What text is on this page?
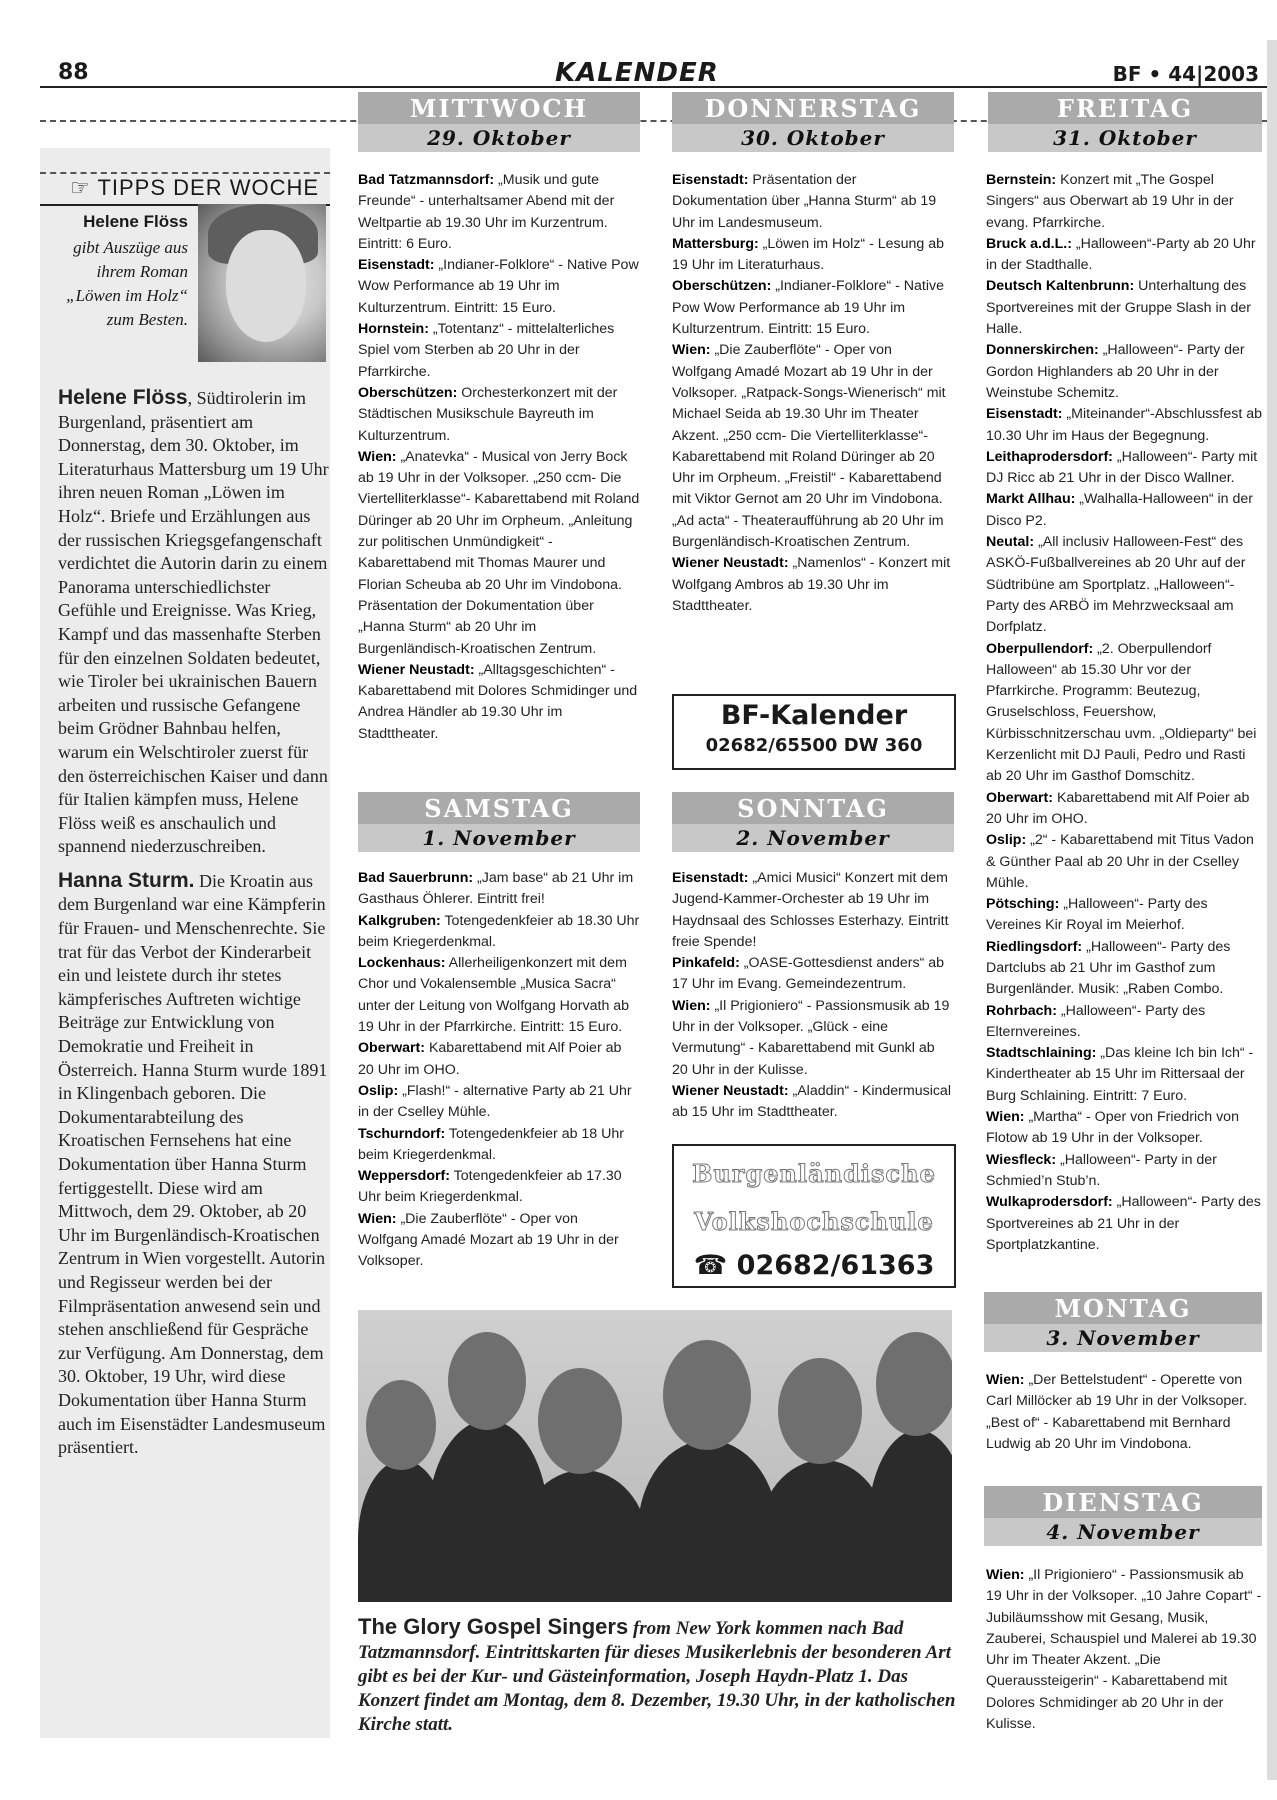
88	KALENDER	BF • 44|2003
☞ TIPPS DER WOCHE
Helene Flöss
gibt Auszüge aus ihrem Roman „Löwen im Holz“ zum Besten.

Helene Flöss, Südtirolerin im Burgenland, präsentiert am Donnerstag, dem 30. Oktober, im Literaturhaus Mattersburg um 19 Uhr ihren neuen Roman „Löwen im Holz“. Briefe und Erzählungen aus der russischen Kriegsgefangenschaft verdichtet die Autorin darin zu einem Panorama unterschiedlichster Gefühle und Ereignisse. Was Krieg, Kampf und das massenhafte Sterben für den einzelnen Soldaten bedeutet, wie Tiroler bei ukrainischen Bauern arbeiten und russische Gefangene beim Grödner Bahnbau helfen, warum ein Welschtiroler zuerst für den österreichischen Kaiser und dann für Italien kämpfen muss, Helene Flöss weiß es anschaulich und spannend niederzuschreiben.

Hanna Sturm. Die Kroatin aus dem Burgenland war eine Kämpferin für Frauen- und Menschenrechte. Sie trat für das Verbot der Kinderarbeit ein und leistete durch ihr stetes kämpferisches Auftreten wichtige Beiträge zur Entwicklung von Demokratie und Freiheit in Österreich. Hanna Sturm wurde 1891 in Klingenbach geboren. Die Dokumentarabteilung des Kroatischen Fernsehens hat eine Dokumentation über Hanna Sturm fertiggestellt. Diese wird am Mittwoch, dem 29. Oktober, ab 20 Uhr im Burgenländisch-Kroatischen Zentrum in Wien vorgestellt. Autorin und Regisseur werden bei der Filmpräsentation anwesend sein und stehen anschließend für Gespräche zur Verfügung. Am Donnerstag, dem 30. Oktober, 19 Uhr, wird diese Dokumentation über Hanna Sturm auch im Eisenstädter Landesmuseum präsentiert.

MITTWOCH
29. Oktober
DONNERSTAG
30. Oktober
FREITAG
31. Oktober
SAMSTAG
1. November
SONNTAG
2. November
MONTAG
3. November
DIENSTAG
4. November

Bad Tatzmannsdorf: „Musik und gute Freunde“ - unterhaltsamer Abend mit der Weltpartie ab 19.30 Uhr im Kurzentrum. Eintritt: 6 Euro.

Eisenstadt: „Indianer-Folklore“ - Native Pow Wow Performance ab 19 Uhr im Kulturzentrum. Eintritt: 15 Euro.

Hornstein: „Totentanz“ - mittelalterliches Spiel vom Sterben ab 20 Uhr in der Pfarrkirche.

Oberschützen: Orchesterkonzert mit der Städtischen Musikschule Bayreuth im Kulturzentrum.

Wien: „Anatevka“ - Musical von Jerry Bock ab 19 Uhr in der Volksoper. „250 ccm- Die Viertelliterklasse“- Kabarettabend mit Roland Düringer ab 20 Uhr im Orpheum. „Anleitung zur politischen Unmündigkeit“ - Kabarettabend mit Thomas Maurer und Florian Scheuba ab 20 Uhr im Vindobona. Präsentation der Dokumentation über „Hanna Sturm“ ab 20 Uhr im Burgenländisch-Kroatischen Zentrum.

Wiener Neustadt: „Alltagsgeschichten“ - Kabarettabend mit Dolores Schmidinger und Andrea Händler ab 19.30 Uhr im Stadttheater.

Eisenstadt: Präsentation der Dokumentation über „Hanna Sturm“ ab 19 Uhr im Landesmuseum.

Mattersburg: „Löwen im Holz“ - Lesung ab 19 Uhr im Literaturhaus.

Oberschützen: „Indianer-Folklore“ - Native Pow Wow Performance ab 19 Uhr im Kulturzentrum. Eintritt: 15 Euro.

Wien: „Die Zauberflöte“ - Oper von Wolfgang Amadé Mozart ab 19 Uhr in der Volksoper. „Ratpack-Songs-Wienerisch“ mit Michael Seida ab 19.30 Uhr im Theater Akzent. „250 ccm- Die Viertelliterklasse“- Kabarettabend mit Roland Düringer ab 20 Uhr im Orpheum. „Freistil“ - Kabarettabend mit Viktor Gernot am 20 Uhr im Vindobona. „Ad acta“ - Theateraufführung ab 20 Uhr im Burgenländisch-Kroatischen Zentrum.

Wiener Neustadt: „Namenlos“ - Konzert mit Wolfgang Ambros ab 19.30 Uhr im Stadttheater.

Bernstein: Konzert mit „The Gospel Singers“ aus Oberwart ab 19 Uhr in der evang. Pfarrkirche.

Bruck a.d.L.: „Halloween“-Party ab 20 Uhr in der Stadthalle.

Deutsch Kaltenbrunn: Unterhaltung des Sportvereines mit der Gruppe Slash in der Halle.

Donnerskirchen: „Halloween“- Party der Gordon Highlanders ab 20 Uhr in der Weinstube Schemitz.

Eisenstadt: „Miteinander“-Abschlussfest ab 10.30 Uhr im Haus der Begegnung.

Leithaprodersdorf: „Halloween“- Party mit DJ Ricc ab 21 Uhr in der Disco Wallner.

Markt Allhau: „Walhalla-Halloween“ in der Disco P2.

Neutal: „All inclusiv Halloween-Fest“ des ASKÖ-Fußballvereines ab 20 Uhr auf der Südtribüne am Sportplatz. „Halloween“-Party des ARBÖ im Mehrzwecksaal am Dorfplatz.

Oberpullendorf: „2. Oberpullendorf Halloween“ ab 15.30 Uhr vor der Pfarrkirche. Programm: Beutezug, Gruselschloss, Feuershow, Kürbisschnitzerschau uvm. „Oldieparty“ bei Kerzenlicht mit DJ Pauli, Pedro und Rasti ab 20 Uhr im Gasthof Domschitz.

Oberwart: Kabarettabend mit Alf Poier ab 20 Uhr im OHO.

Oslip: „2“ - Kabarettabend mit Titus Vadon & Günther Paal ab 20 Uhr in der Cselley Mühle.

Pötsching: „Halloween“- Party des Vereines Kir Royal im Meierhof.

Riedlingsdorf: „Halloween“- Party des Dartclubs ab 21 Uhr im Gasthof zum Burgenländer. Musik: „Raben Combo.

Rohrbach: „Halloween“- Party des Elternvereines.

Stadtschlaining: „Das kleine Ich bin Ich“ - Kindertheater ab 15 Uhr im Rittersaal der Burg Schlaining. Eintritt: 7 Euro.

Wien: „Martha“ - Oper von Friedrich von Flotow ab 19 Uhr in der Volksoper.

Wiesfleck: „Halloween“- Party in der Schmied’n Stub’n.

Wulkaprodersdorf: „Halloween“- Party des Sportvereines ab 21 Uhr in der Sportplatzkantine.

Bad Sauerbrunn: „Jam base“ ab 21 Uhr im Gasthaus Öhlerer. Eintritt frei!

Kalkgruben: Totengedenkfeier ab 18.30 Uhr beim Kriegerdenkmal.

Lockenhaus: Allerheiligenkonzert mit dem Chor und Vokalensemble „Musica Sacra“ unter der Leitung von Wolfgang Horvath ab 19 Uhr in der Pfarrkirche. Eintritt: 15 Euro.

Oberwart: Kabarettabend mit Alf Poier ab 20 Uhr im OHO.

Oslip: „Flash!“ - alternative Party ab 21 Uhr in der Cselley Mühle.

Tschurndorf: Totengedenkfeier ab 18 Uhr beim Kriegerdenkmal.

Weppersdorf: Totengedenkfeier ab 17.30 Uhr beim Kriegerdenkmal.

Wien: „Die Zauberflöte“ - Oper von Wolfgang Amadé Mozart ab 19 Uhr in der Volksoper.

Eisenstadt: „Amici Musici“ Konzert mit dem Jugend-Kammer-Orchester ab 19 Uhr im Haydnsaal des Schlosses Esterhazy. Eintritt freie Spende!

Pinkafeld: „OASE-Gottesdienst anders“ ab 17 Uhr im Evang. Gemeindezentrum.

Wien: „Il Prigioniero“ - Passionsmusik ab 19 Uhr in der Volksoper. „Glück - eine Vermutung“ - Kabarettabend mit Gunkl ab 20 Uhr in der Kulisse.

Wiener Neustadt: „Aladdin“ - Kindermusical ab 15 Uhr im Stadttheater.

Wien: „Der Bettelstudent“ - Operette von Carl Millöcker ab 19 Uhr in der Volksoper. „Best of“ - Kabarettabend mit Bernhard Ludwig ab 20 Uhr im Vindobona.

Wien: „Il Prigioniero“ - Passionsmusik ab 19 Uhr in der Volksoper. „10 Jahre Copart“ - Jubiläumsshow mit Gesang, Musik, Zauberei, Schauspiel und Malerei ab 19.30 Uhr im Theater Akzent. „Die Queraussteigerin“ - Kabarettabend mit Dolores Schmidinger ab 20 Uhr in der Kulisse.

BF-Kalender
02682/65500 DW 360
Burgenländische
Volkshochschule
☎ 02682/61363
The Glory Gospel Singers from New York kommen nach Bad Tatzmannsdorf. Eintrittskarten für dieses Musikerlebnis der besonderen Art gibt es bei der Kur- und Gästeinformation, Joseph Haydn-Platz 1. Das Konzert findet am Montag, dem 8. Dezember, 19.30 Uhr, in der katholischen Kirche statt.
